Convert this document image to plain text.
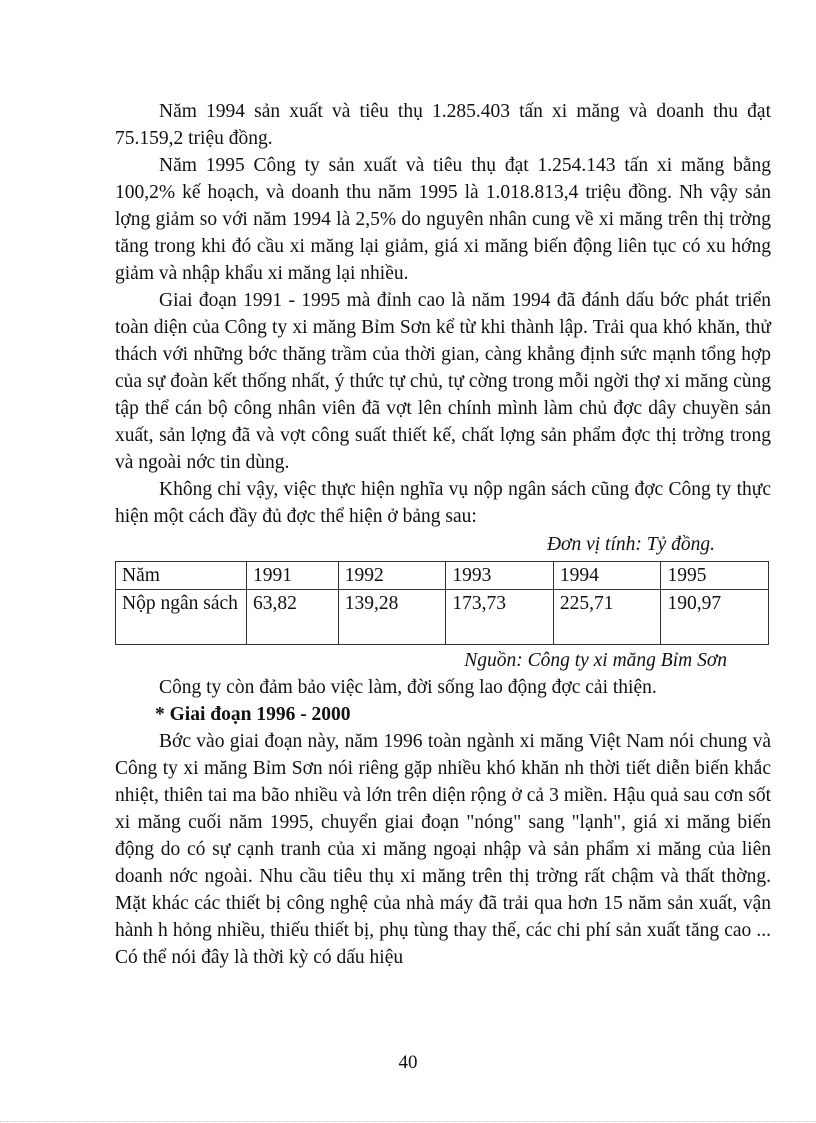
Năm 1994 sản xuất và tiêu thụ 1.285.403 tấn xi măng và doanh thu đạt 75.159,2 triệu đồng.

Năm 1995 Công ty sản xuất và tiêu thụ đạt 1.254.143 tấn xi măng bằng 100,2% kế hoạch, và doanh thu năm 1995 là 1.018.813,4 triệu đồng. Nh vậy sản lợng giảm so với năm 1994 là 2,5% do nguyên nhân cung về xi măng trên thị trờng tăng trong khi đó cầu xi măng lại giảm, giá xi măng biến động liên tục có xu hớng giảm và nhập khẩu xi măng lại nhiều.

Giai đoạn 1991 - 1995 mà đỉnh cao là năm 1994 đã đánh dấu bớc phát triển toàn diện của Công ty xi măng Bỉm Sơn kể từ khi thành lập. Trải qua khó khăn, thử thách với những bớc thăng trầm của thời gian, càng khẳng định sức mạnh tổng hợp của sự đoàn kết thống nhất, ý thức tự chủ, tự cờng trong mỗi ngời thợ xi măng cùng tập thể cán bộ công nhân viên đã vợt lên chính mình làm chủ đợc dây chuyền sản xuất, sản lợng đã và vợt công suất thiết kế, chất lợng sản phẩm đợc thị trờng trong và ngoài nớc tin dùng.

Không chỉ vậy, việc thực hiện nghĩa vụ nộp ngân sách cũng đợc Công ty thực hiện một cách đầy đủ đợc thể hiện ở bảng sau:

Đơn vị tính: Tỷ đồng.

Năm	1991	1992	1993	1994	1995
Nộp ngân sách	63,82	139,28	173,73	225,71	190,97

Nguồn: Công ty xi măng Bỉm Sơn

Công ty còn đảm bảo việc làm, đời sống lao động đợc cải thiện.

* Giai đoạn 1996 - 2000

Bớc vào giai đoạn này, năm 1996 toàn ngành xi măng Việt Nam nói chung và Công ty xi măng Bỉm Sơn nói riêng gặp nhiều khó khăn nh thời tiết diễn biến khắc nhiệt, thiên tai ma bão nhiều và lớn trên diện rộng ở cả 3 miền. Hậu quả sau cơn sốt xi măng cuối năm 1995, chuyển giai đoạn "nóng" sang "lạnh", giá xi măng biến động do có sự cạnh tranh của xi măng ngoại nhập và sản phẩm xi măng của liên doanh nớc ngoài. Nhu cầu tiêu thụ xi măng trên thị trờng rất chậm và thất thờng. Mặt khác các thiết bị công nghệ của nhà máy đã trải qua hơn 15 năm sản xuất, vận hành h hỏng nhiều, thiếu thiết bị, phụ tùng thay thế, các chi phí sản xuất tăng cao ... Có thể nói đây là thời kỳ có dấu hiệu

40
